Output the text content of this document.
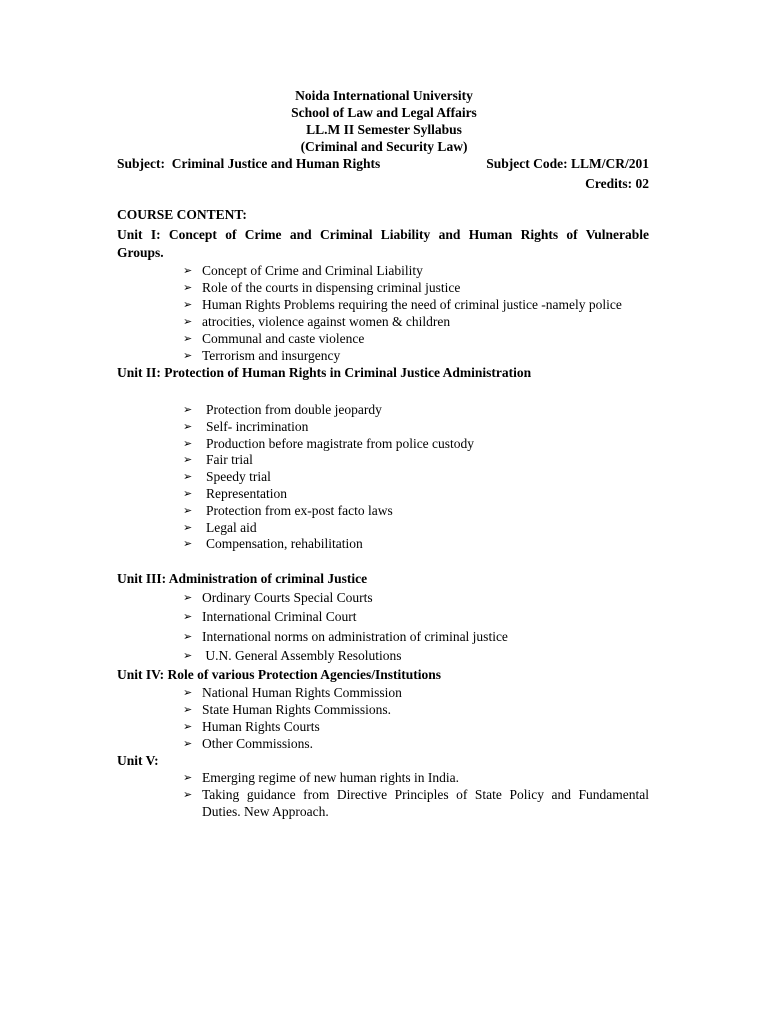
Noida International University
School of Law and Legal Affairs
LL.M II Semester Syllabus
(Criminal and Security Law)
Subject: Criminal Justice and Human Rights	Subject Code: LLM/CR/201
Credits: 02
COURSE CONTENT:
Unit I: Concept of Crime and Criminal Liability and Human Rights of Vulnerable
Groups.
➢ Concept of Crime and Criminal Liability
➢ Role of the courts in dispensing criminal justice
➢ Human Rights Problems requiring the need of criminal justice -namely police
➢ atrocities, violence against women & children
➢ Communal and caste violence
➢ Terrorism and insurgency
Unit II: Protection of Human Rights in Criminal Justice Administration
➢ Protection from double jeopardy
➢ Self- incrimination
➢ Production before magistrate from police custody
➢ Fair trial
➢ Speedy trial
➢ Representation
➢ Protection from ex-post facto laws
➢ Legal aid
➢ Compensation, rehabilitation
Unit III: Administration of criminal Justice
➢ Ordinary Courts Special Courts
➢ International Criminal Court
➢ International norms on administration of criminal justice
➢ U.N. General Assembly Resolutions
Unit IV: Role of various Protection Agencies/Institutions
➢ National Human Rights Commission
➢ State Human Rights Commissions.
➢ Human Rights Courts
➢ Other Commissions.
Unit V:
➢ Emerging regime of new human rights in India.
➢ Taking guidance from Directive Principles of State Policy and Fundamental Duties. New Approach.
